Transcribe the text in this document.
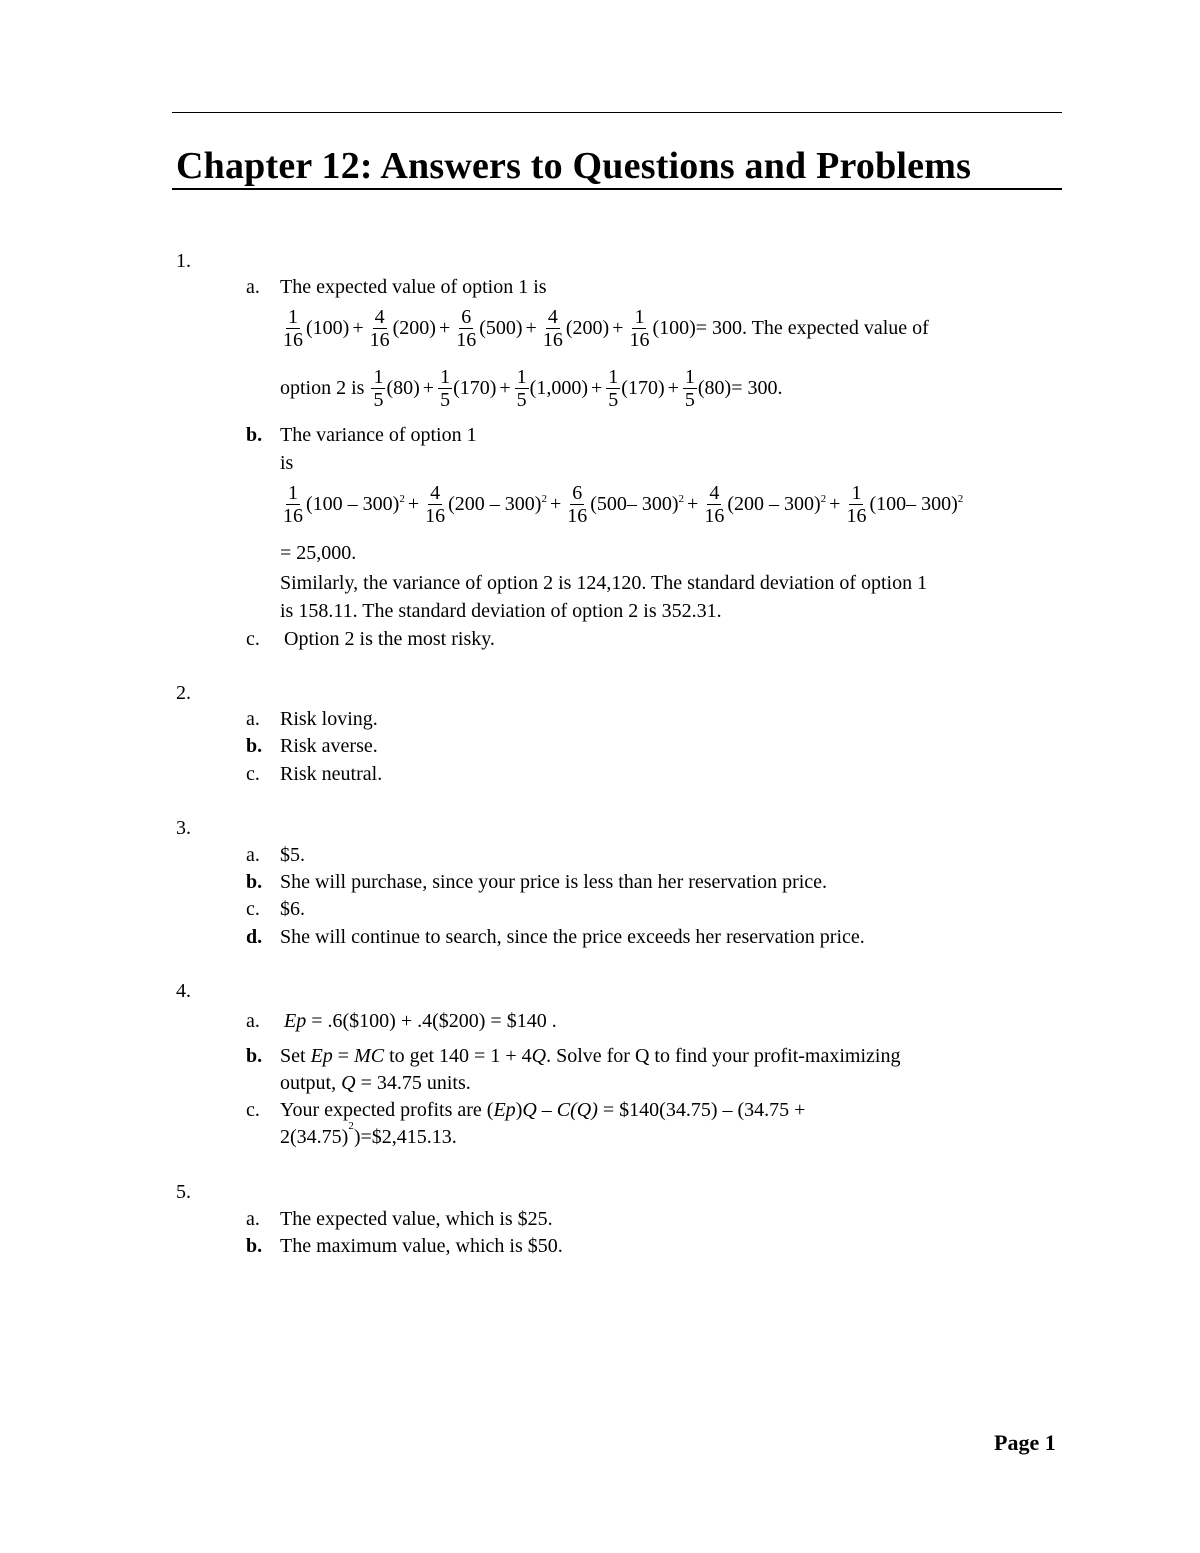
Chapter 12: Answers to Questions and Problems
1.
a. The expected value of option 1 is
$\frac{1}{16} (100) + \frac{4}{16} (200) + \frac{6}{16} (500) + \frac{4}{16} (200) + \frac{1}{16} (100)= 300$ . The expected value of
option 2 is $\frac{1}{5} (80) + \frac{1}{5} (170) + \frac{1}{5} (1,000) + \frac{1}{5} (170) + \frac{1}{5} (80)= 300$ .
b. The variance of option 1
is
$\frac{1}{16} (100 - 300)^2 + \frac{4}{16} (200 - 300)^2 + \frac{6}{16} (500-$ $300)^2 + \frac{4}{16} (200 - 300)^2 + \frac{1}{16} (100-$ 300)$^2$
= 25,000.
Similarly, the variance of option 2 is 124,120. The standard deviation of option 1
is 158.11. The standard deviation of option 2 is 352.31.
c. Option 2 is the most risky.
2.
a. Risk loving.
b. Risk averse.
c. Risk neutral.
3.
a. $5.
b. She will purchase, since your price is less than her reservation price.
c. $6.
d. She will continue to search, since the price exceeds her reservation price.
4.
a. Ep = .6($100) + .4($200) = $140 .
b. Set Ep = MC to get 140 = 1 + 4Q. Solve for Q to find your profit-maximizing
output, Q = 34.75 units.
c. Your expected profits are (Ep)Q – C(Q) = $140(34.75) – (34.75 +
$2(34.75)^2)=\$2,415.13$.
5.
a. The expected value, which is $25.
b. The maximum value, which is $50.
Page 1
